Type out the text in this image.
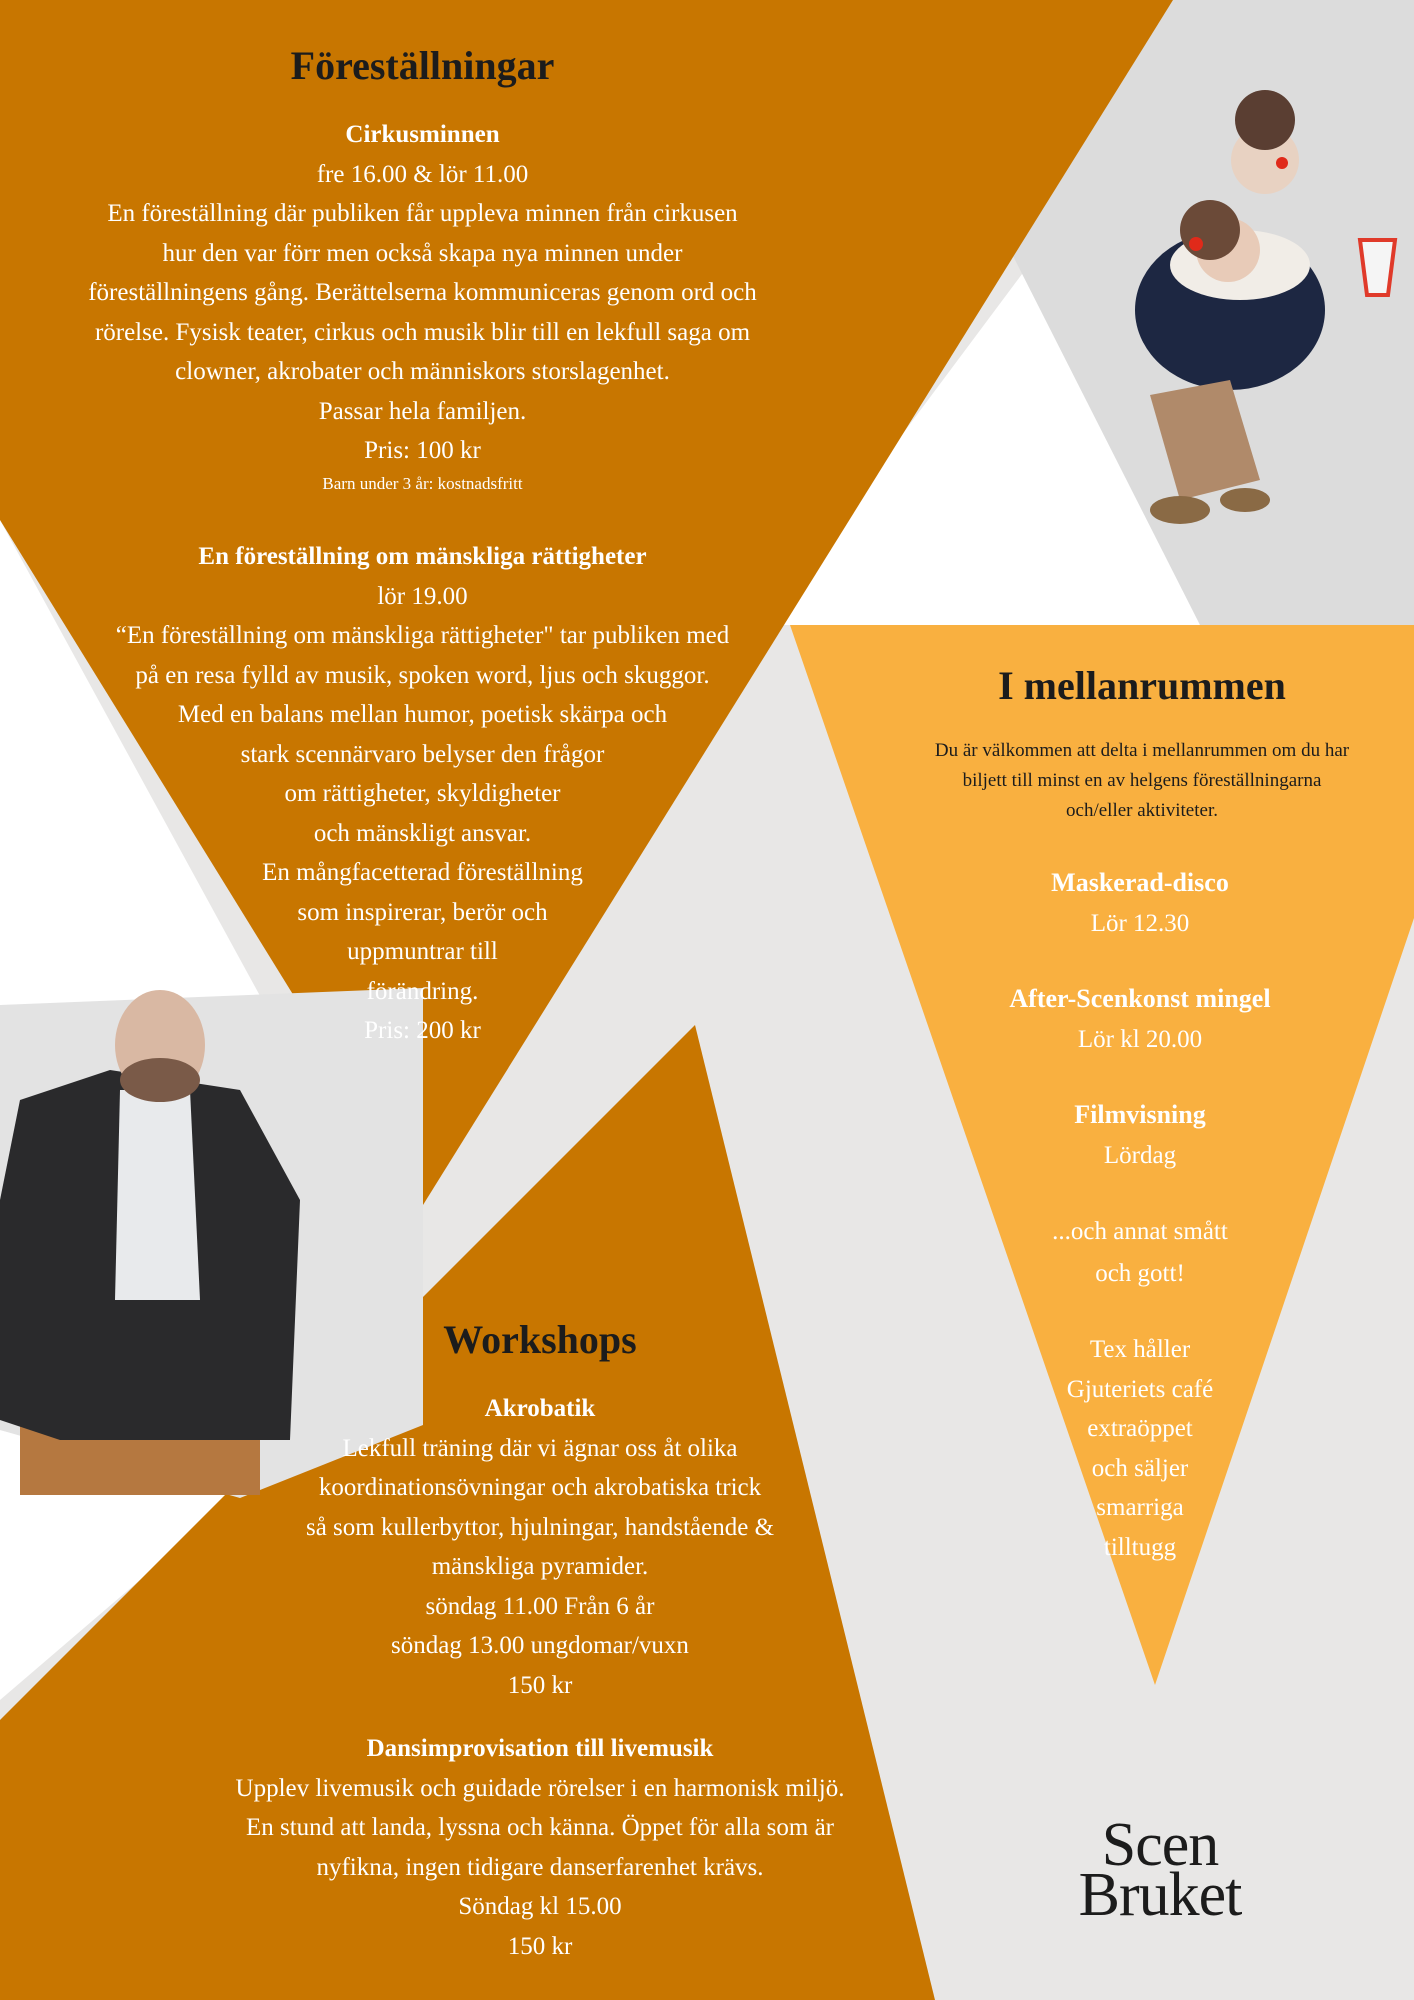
Föreställningar

Cirkusminnen

fre 16.00 & lör 11.00

En föreställning där publiken får uppleva minnen från cirkusen

hur den var förr men också skapa nya minnen under

föreställningens gång. Berättelserna kommuniceras genom ord och

rörelse. Fysisk teater, cirkus och musik blir till en lekfull saga om

clowner, akrobater och människors storslagenhet.

Passar hela familjen.

Pris: 100 kr

Barn under 3 år: kostnadsfritt

En föreställning om mänskliga rättigheter

lör 19.00

“En föreställning om mänskliga rättigheter" tar publiken med

på en resa fylld av musik, spoken word, ljus och skuggor.

Med en balans mellan humor, poetisk skärpa och

stark scennärvaro belyser den frågor

om rättigheter, skyldigheter

och mänskligt ansvar.

En mångfacetterad föreställning

som inspirerar, berör och

uppmuntrar till

förändring.

Pris: 200 kr

I mellanrummen

Du är välkommen att delta i mellanrummen om du har

biljett till minst en av helgens föreställningarna

och/eller aktiviteter.

Maskerad-disco

Lör 12.30

After-Scenkonst mingel

Lör kl 20.00

Filmvisning

Lördag

...och annat smått

och gott!

Tex håller

Gjuteriets café

extraöppet

och säljer

smarriga

tilltugg

Workshops

Akrobatik

Lekfull träning där vi ägnar oss åt olika

koordinationsövningar och akrobatiska trick

så som kullerbyttor, hjulningar, handstående &

mänskliga pyramider.

söndag 11.00 Från 6 år

söndag 13.00 ungdomar/vuxn

150 kr

Dansimprovisation till livemusik

Upplev livemusik och guidade rörelser i en harmonisk miljö.

En stund att landa, lyssna och känna. Öppet för alla som är

nyfikna, ingen tidigare danserfarenhet krävs.

Söndag kl 15.00

150 kr

Scen
Bruket
